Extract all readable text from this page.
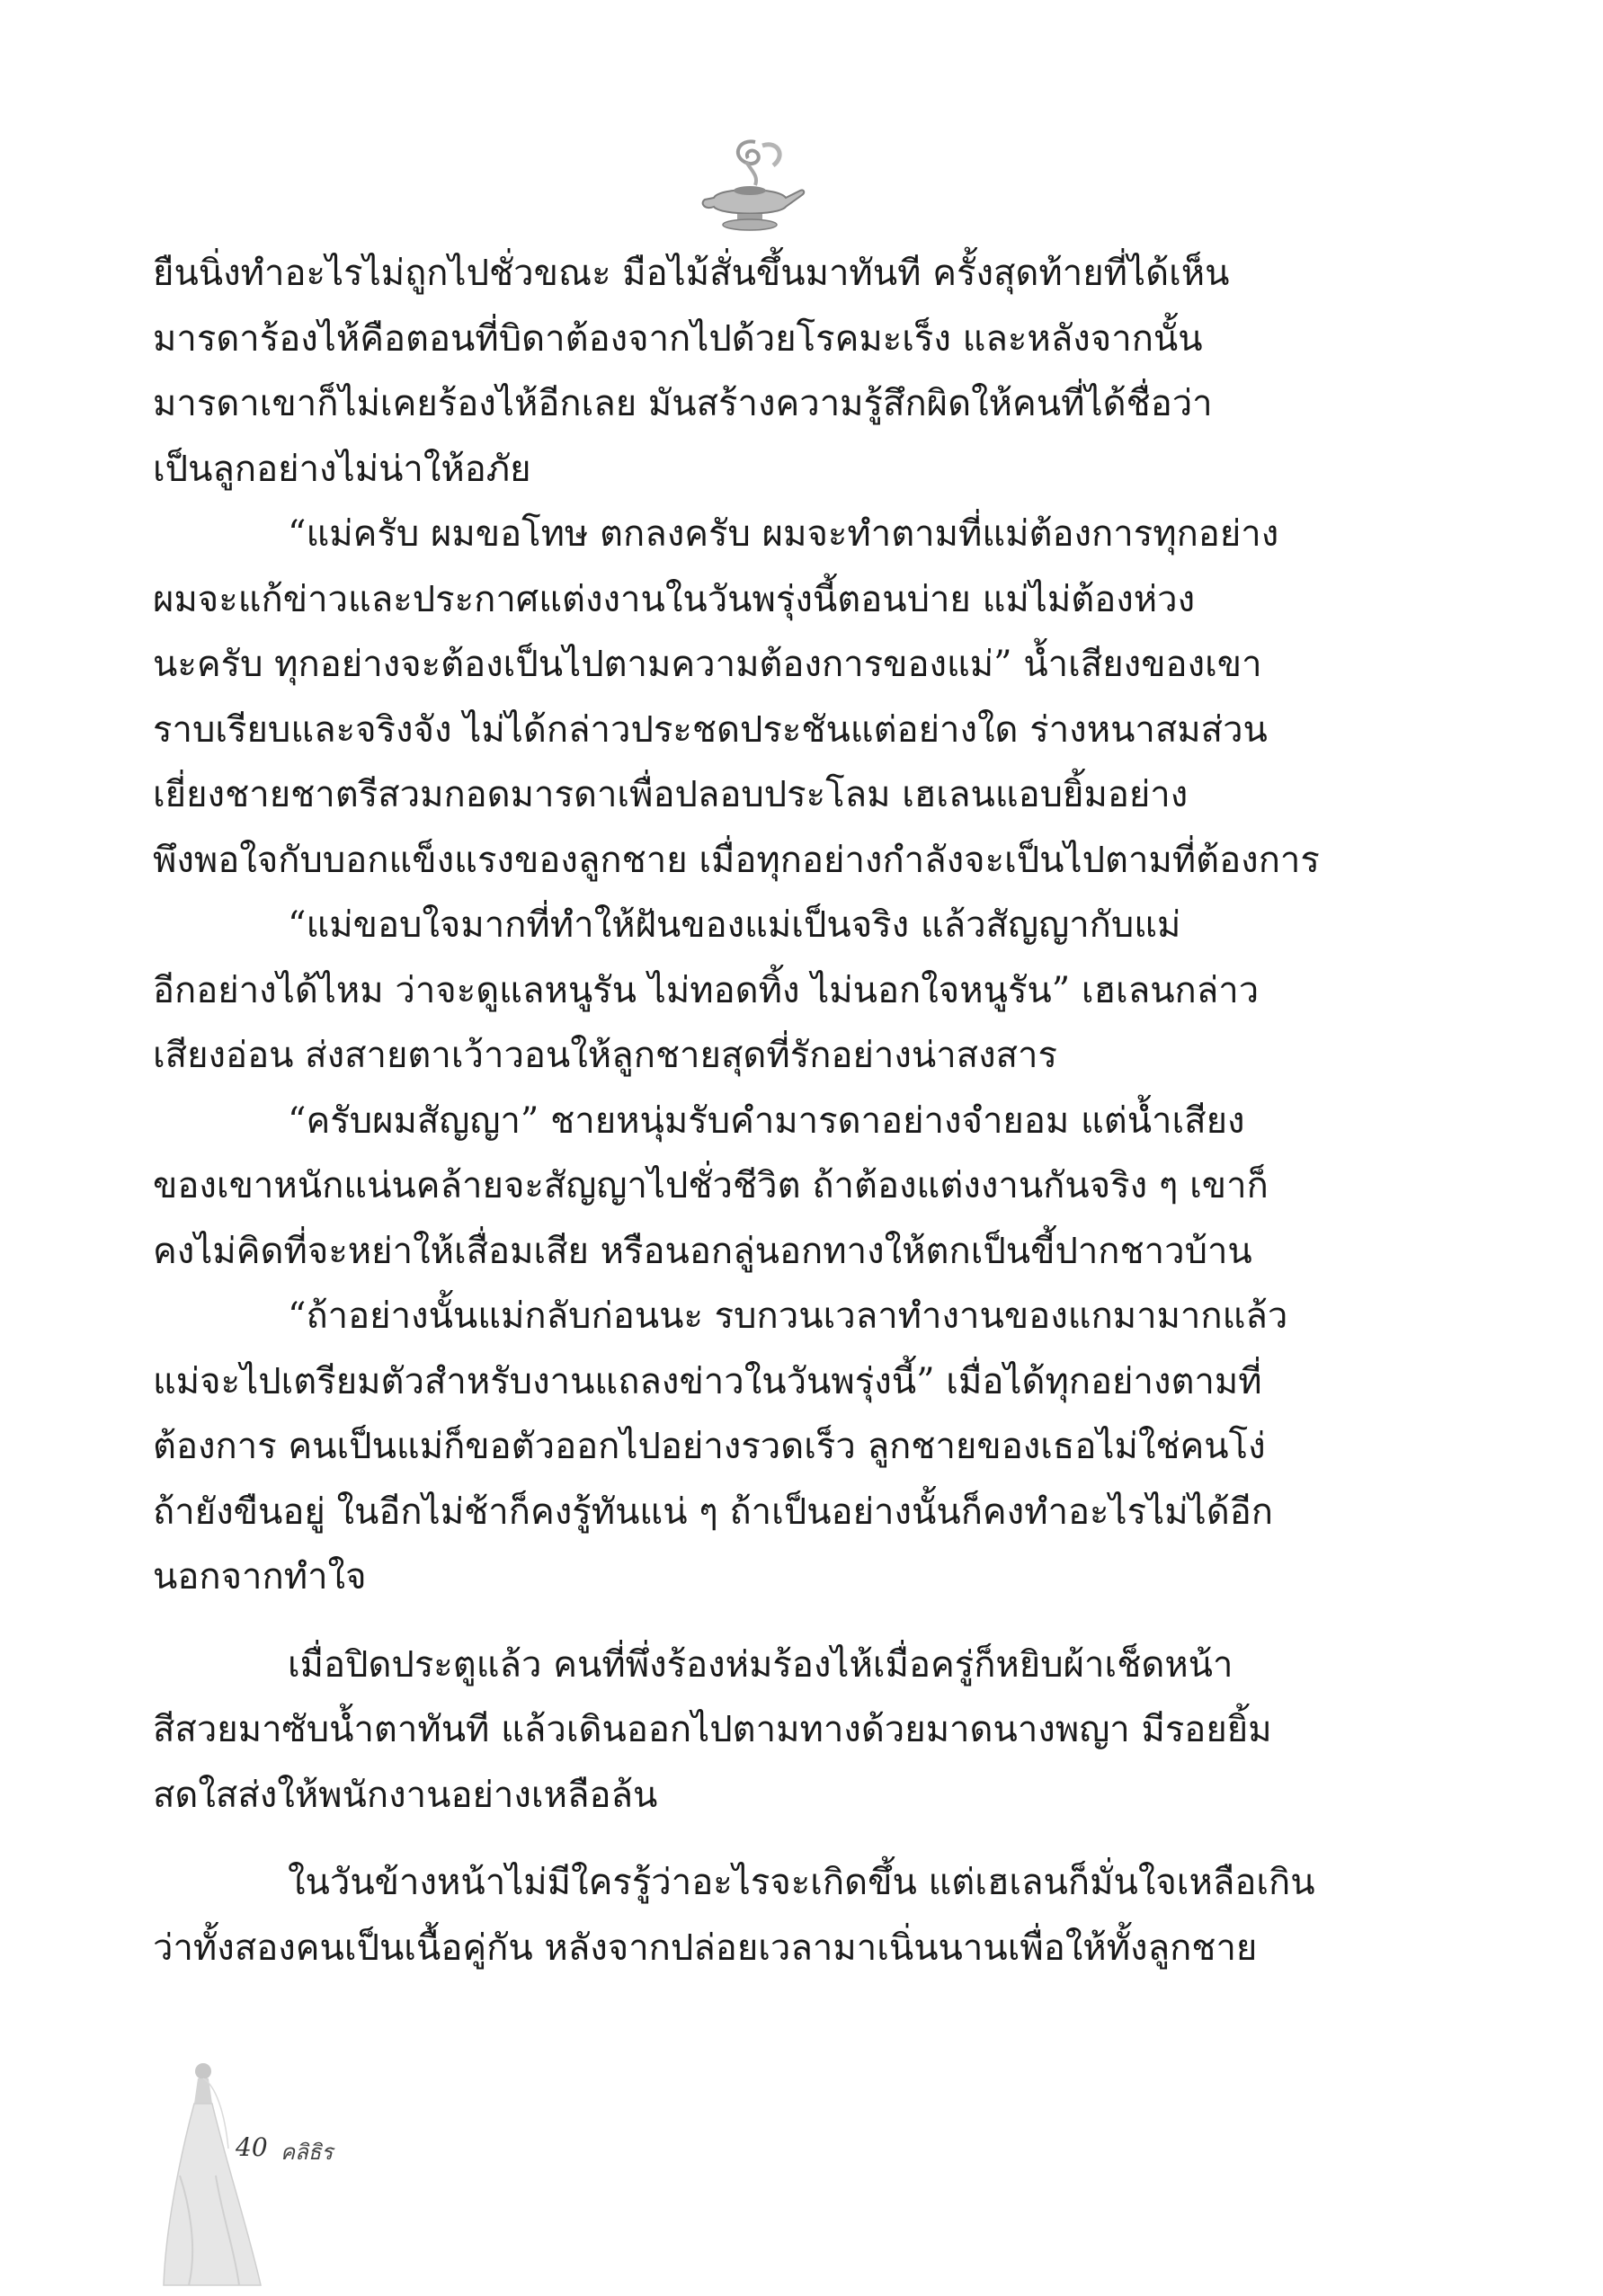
ยืนนิ่งทำอะไรไม่ถูกไปชั่วขณะ มือไม้สั่นขึ้นมาทันที ครั้งสุดท้ายที่ได้เห็น
มารดาร้องไห้คือตอนที่บิดาต้องจากไปด้วยโรคมะเร็ง และหลังจากนั้น
มารดาเขาก็ไม่เคยร้องไห้อีกเลย มันสร้างความรู้สึกผิดให้คนที่ได้ชื่อว่า
เป็นลูกอย่างไม่น่าให้อภัย
“แม่ครับ ผมขอโทษ ตกลงครับ ผมจะทำตามที่แม่ต้องการทุกอย่าง
ผมจะแก้ข่าวและประกาศแต่งงานในวันพรุ่งนี้ตอนบ่าย แม่ไม่ต้องห่วง
นะครับ ทุกอย่างจะต้องเป็นไปตามความต้องการของแม่” น้ำเสียงของเขา
ราบเรียบและจริงจัง ไม่ได้กล่าวประชดประชันแต่อย่างใด ร่างหนาสมส่วน
เยี่ยงชายชาตรีสวมกอดมารดาเพื่อปลอบประโลม เฮเลนแอบยิ้มอย่าง
พึงพอใจกับบอกแข็งแรงของลูกชาย เมื่อทุกอย่างกำลังจะเป็นไปตามที่ต้องการ
“แม่ขอบใจมากที่ทำให้ฝันของแม่เป็นจริง แล้วสัญญากับแม่
อีกอย่างได้ไหม ว่าจะดูแลหนูรัน ไม่ทอดทิ้ง ไม่นอกใจหนูรัน” เฮเลนกล่าว
เสียงอ่อน ส่งสายตาเว้าวอนให้ลูกชายสุดที่รักอย่างน่าสงสาร
“ครับผมสัญญา” ชายหนุ่มรับคำมารดาอย่างจำยอม แต่น้ำเสียง
ของเขาหนักแน่นคล้ายจะสัญญาไปชั่วชีวิต ถ้าต้องแต่งงานกันจริง ๆ เขาก็
คงไม่คิดที่จะหย่าให้เสื่อมเสีย หรือนอกลู่นอกทางให้ตกเป็นขี้ปากชาวบ้าน
“ถ้าอย่างนั้นแม่กลับก่อนนะ รบกวนเวลาทำงานของแกมามากแล้ว
แม่จะไปเตรียมตัวสำหรับงานแถลงข่าวในวันพรุ่งนี้” เมื่อได้ทุกอย่างตามที่
ต้องการ คนเป็นแม่ก็ขอตัวออกไปอย่างรวดเร็ว ลูกชายของเธอไม่ใช่คนโง่
ถ้ายังขืนอยู่ ในอีกไม่ช้าก็คงรู้ทันแน่ ๆ ถ้าเป็นอย่างนั้นก็คงทำอะไรไม่ได้อีก
นอกจากทำใจ
เมื่อปิดประตูแล้ว คนที่พึ่งร้องห่มร้องไห้เมื่อครู่ก็หยิบผ้าเช็ดหน้า
สีสวยมาซับน้ำตาทันที แล้วเดินออกไปตามทางด้วยมาดนางพญา มีรอยยิ้ม
สดใสส่งให้พนักงานอย่างเหลือล้น
ในวันข้างหน้าไม่มีใครรู้ว่าอะไรจะเกิดขึ้น แต่เฮเลนก็มั่นใจเหลือเกิน
ว่าทั้งสองคนเป็นเนื้อคู่กัน หลังจากปล่อยเวลามาเนิ่นนานเพื่อให้ทั้งลูกชาย
40 คลิธิร
